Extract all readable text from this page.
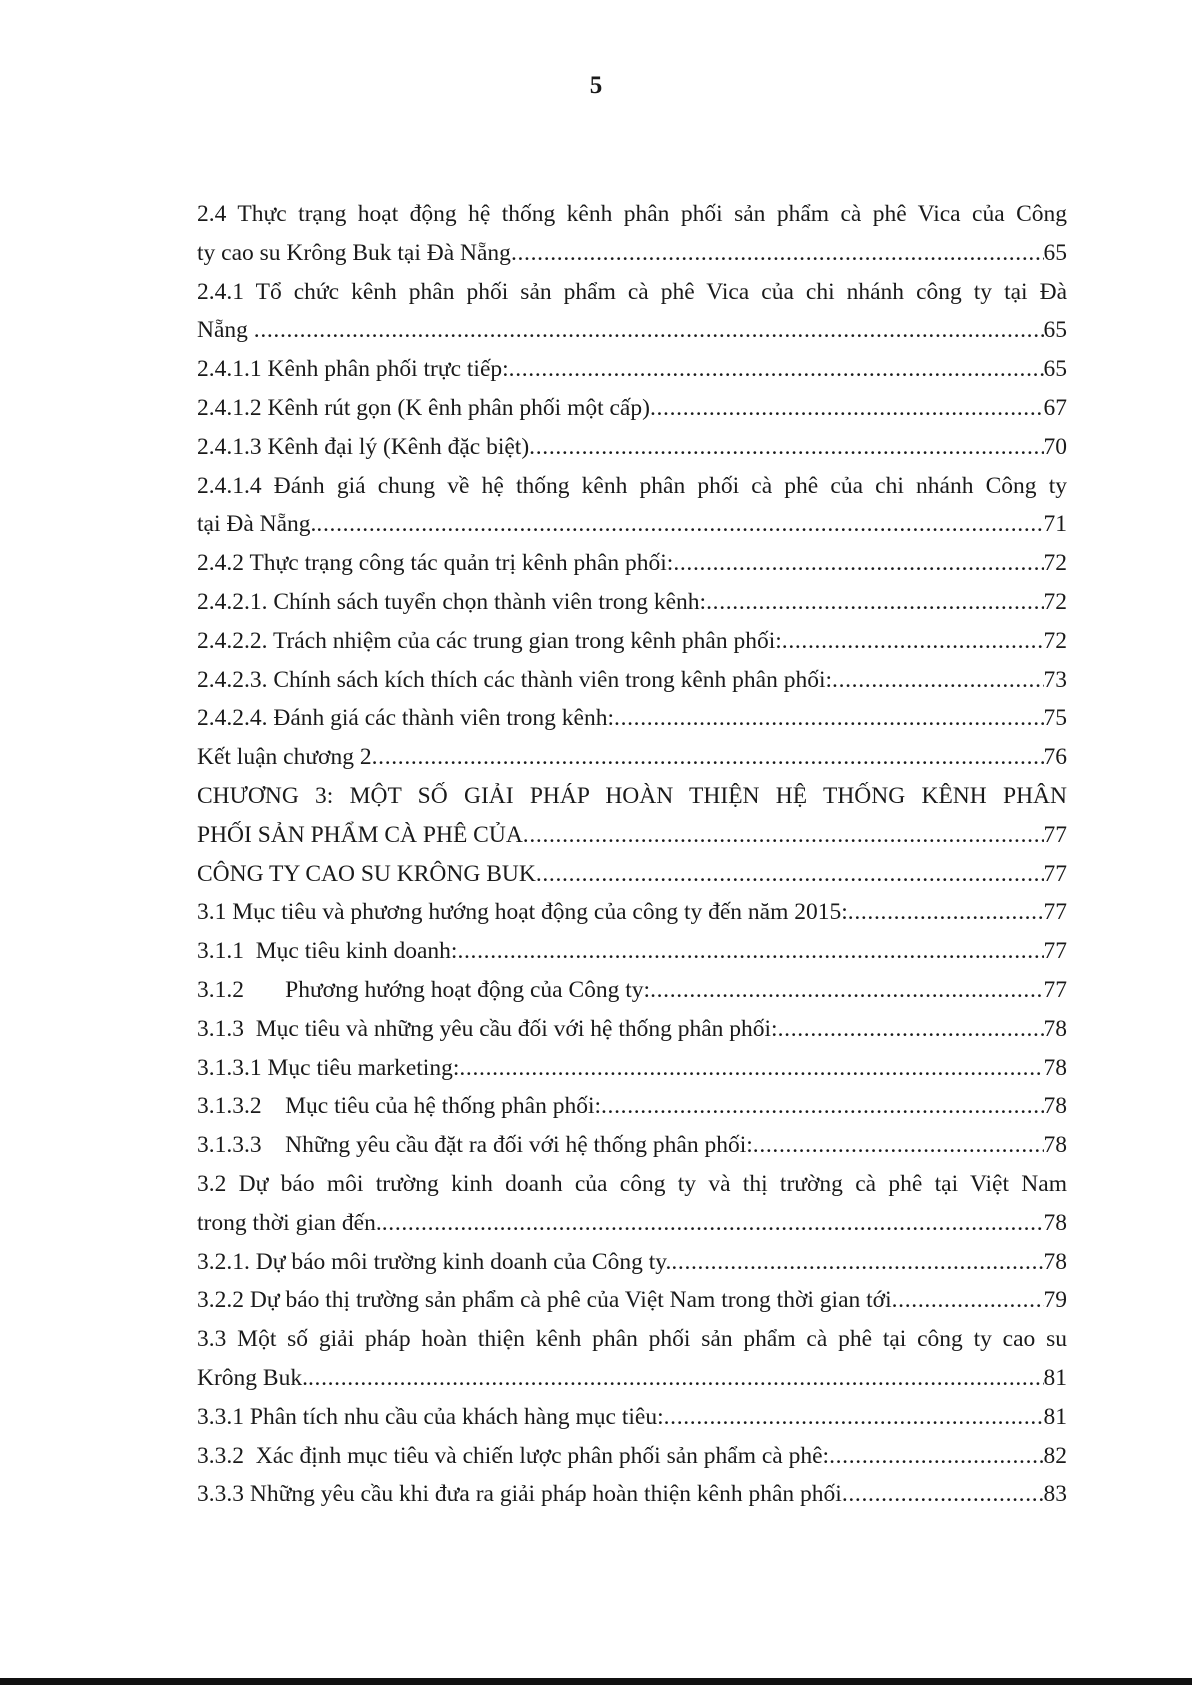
5
2.4 Thực trạng hoạt động hệ thống kênh phân phối sản phẩm cà phê Vica của Công
ty cao su Krông Buk tại Đà Nẵng . . .	65
2.4.1 Tổ chức kênh phân phối sản phẩm cà phê Vica của chi nhánh công ty tại Đà
Nẵng . . .	65
2.4.1.1 Kênh phân phối trực tiếp: . . .	65
2.4.1.2 Kênh rút gọn (K ênh phân phối một cấp) . . .	67
2.4.1.3 Kênh đại lý (Kênh đặc biệt) . . .	70
2.4.1.4 Đánh giá chung về hệ thống kênh phân phối cà phê của chi nhánh Công ty
tại Đà Nẵng. . . .	71
2.4.2 Thực trạng công tác quản trị kênh phân phối: . . .	72
2.4.2.1. Chính sách tuyển chọn thành viên trong kênh: . . .	72
2.4.2.2. Trách nhiệm của các trung gian trong kênh phân phối: . . .	72
2.4.2.3. Chính sách kích thích các thành viên trong kênh phân phối: . . .	73
2.4.2.4. Đánh giá các thành viên trong kênh: . . .	75
Kết luận chương 2 . . .	76
CHƯƠNG 3: MỘT SỐ GIẢI PHÁP HOÀN THIỆN HỆ THỐNG KÊNH PHÂN
PHỐI SẢN PHẨM CÀ PHÊ CỦA . . .	77
CÔNG TY CAO SU KRÔNG BUK . . .	77
3.1 Mục tiêu và phương hướng hoạt động của công ty đến năm 2015: . . .	77
3.1.1  Mục tiêu kinh doanh: . . .	77
3.1.2       Phương hướng hoạt động của Công ty: . . .	77
3.1.3  Mục tiêu và những yêu cầu đối với hệ thống phân phối: . . .	78
3.1.3.1 Mục tiêu marketing: . . .	78
3.1.3.2    Mục tiêu của hệ thống phân phối: . . .	78
3.1.3.3    Những yêu cầu đặt ra đối với hệ thống phân phối: . . .	78
3.2 Dự báo môi trường kinh doanh của công ty và thị trường cà phê tại Việt Nam
trong thời gian đến. . . .	78
3.2.1. Dự báo môi trường kinh doanh của Công ty. . . .	78
3.2.2 Dự báo thị trường sản phẩm cà phê của Việt Nam trong thời gian tới . . .	79
3.3 Một số giải pháp hoàn thiện kênh phân phối sản phẩm cà phê tại công ty cao su
Krông Buk. . . .	81
3.3.1 Phân tích nhu cầu của khách hàng mục tiêu: . . .	81
3.3.2  Xác định mục tiêu và chiến lược phân phối sản phẩm cà phê: . . .	82
3.3.3 Những yêu cầu khi đưa ra giải pháp hoàn thiện kênh phân phối . . .	83
